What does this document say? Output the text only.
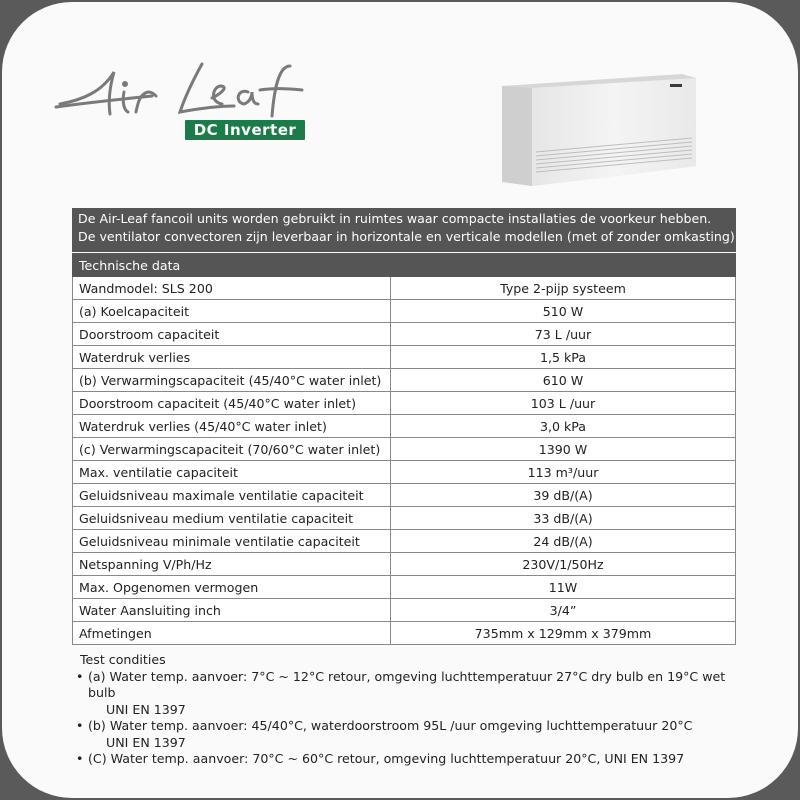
DC Inverter
De Air-Leaf fancoil units worden gebruikt in ruimtes waar compacte installaties de voorkeur hebben.
De ventilator convectoren zijn leverbaar in horizontale en verticale modellen (met of zonder omkasting).
Technische data	
Wandmodel: SLS 200	Type 2-pijp systeem
(a) Koelcapaciteit	510 W
Doorstroom capaciteit	73 L /uur
Waterdruk verlies	1,5 kPa
(b) Verwarmingscapaciteit (45/40°C water inlet)	610 W
Doorstroom capaciteit (45/40°C water inlet)	103 L /uur
Waterdruk verlies (45/40°C water inlet)	3,0 kPa
(c) Verwarmingscapaciteit (70/60°C water inlet)	1390 W
Max. ventilatie capaciteit	113 m³/uur
Geluidsniveau maximale ventilatie capaciteit	39 dB/(A)
Geluidsniveau medium ventilatie capaciteit	33 dB/(A)
Geluidsniveau minimale ventilatie capaciteit	24 dB/(A)
Netspanning V/Ph/Hz	230V/1/50Hz
Max. Opgenomen vermogen	11W
Water Aansluiting inch	3/4”
Afmetingen	735mm x 129mm x 379mm
Test condities
• (a) Water temp. aanvoer: 7°C ~ 12°C retour, omgeving luchttemperatuur 27°C dry bulb en 19°C wet bulb
UNI EN 1397
• (b) Water temp. aanvoer: 45/40°C, waterdoorstroom 95L /uur omgeving luchttemperatuur 20°C
UNI EN 1397
• (C) Water temp. aanvoer: 70°C ~ 60°C retour, omgeving luchttemperatuur 20°C, UNI EN 1397
